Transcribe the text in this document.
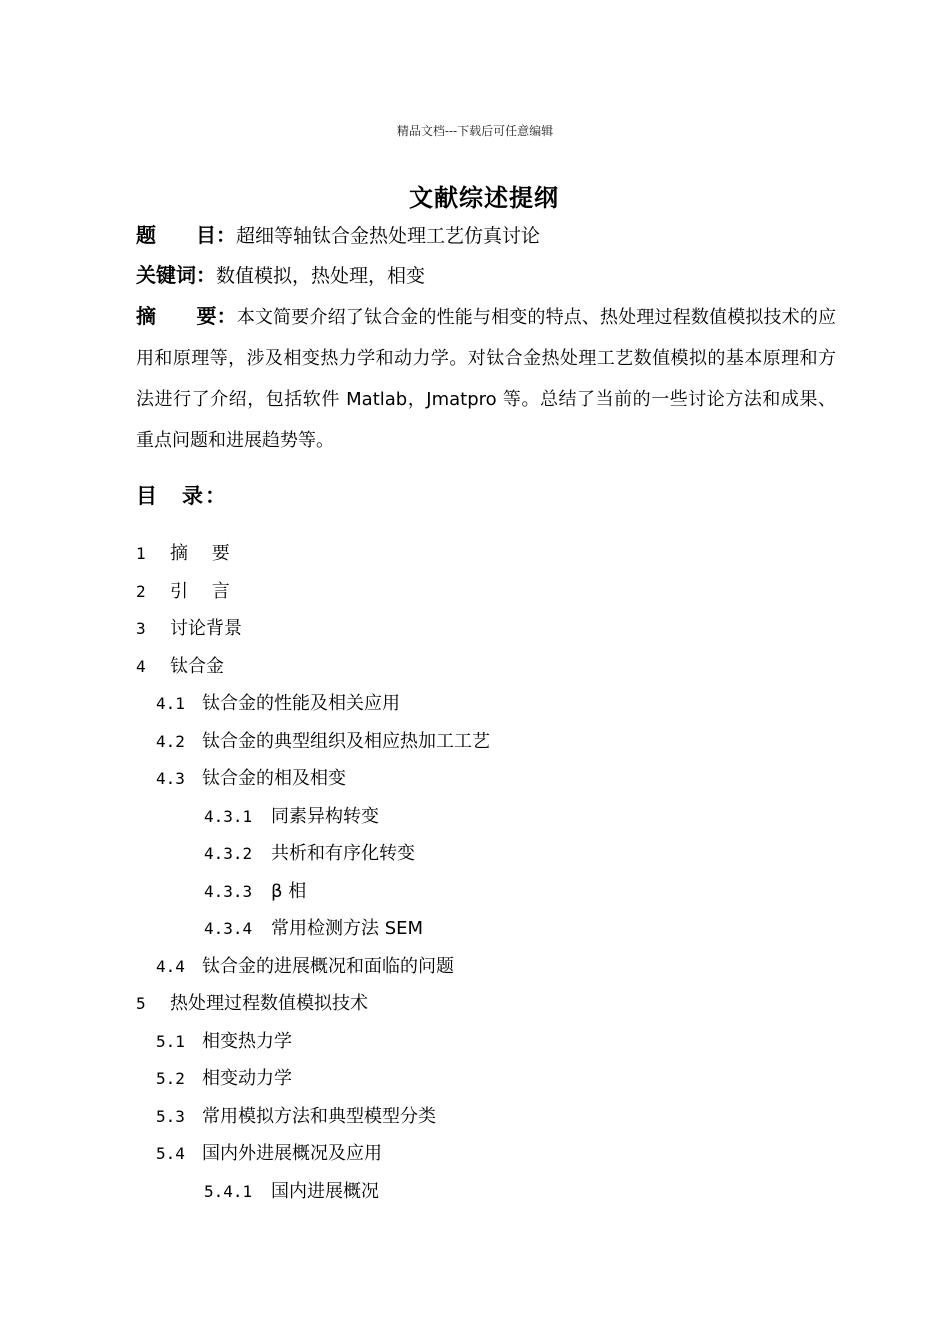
精品文档---下载后可任意编辑
文献综述提纲
题　　目：超细等轴钛合金热处理工艺仿真讨论
关键词：数值模拟，热处理，相变
摘　　要：本文简要介绍了钛合金的性能与相变的特点、热处理过程数值模拟技术的应用和原理等，涉及相变热力学和动力学。对钛合金热处理工艺数值模拟的基本原理和方法进行了介绍，包括软件 Matlab，Jmatpro 等。总结了当前的一些讨论方法和成果、重点问题和进展趋势等。
目　录：
1	摘　 要
2	引　 言
3	讨论背景
4	钛合金
4.1 钛合金的性能及相关应用
4.2 钛合金的典型组织及相应热加工工艺
4.3 钛合金的相及相变
4.3.1	同素异构转变
4.3.2	共析和有序化转变
4.3.3	β 相
4.3.4	常用检测方法 SEM
4.4 钛合金的进展概况和面临的问题
5	热处理过程数值模拟技术
5.1 相变热力学
5.2 相变动力学
5.3 常用模拟方法和典型模型分类
5.4 国内外进展概况及应用
5.4.1	国内进展概况
